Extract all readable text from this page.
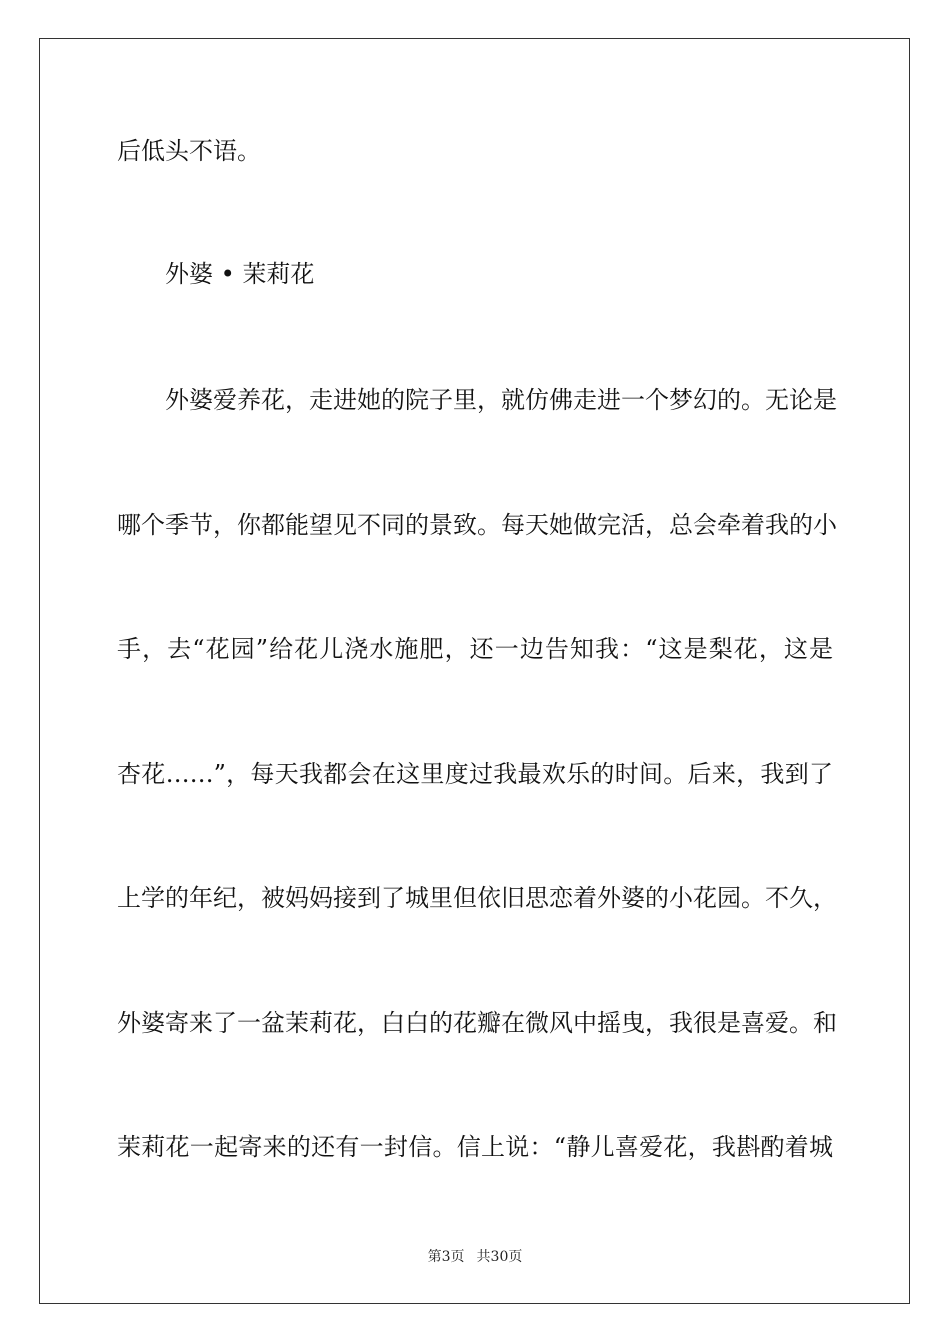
后低头不语。
外婆 • 茉莉花
外婆爱养花，走进她的院子里，就仿佛走进一个梦幻的。无论是
哪个季节，你都能望见不同的景致。每天她做完活，总会牵着我的小
手，去“花园”给花儿浇水施肥，还一边告知我：“这是梨花，这是
杏花……”，每天我都会在这里度过我最欢乐的时间。后来，我到了
上学的年纪，被妈妈接到了城里但依旧思恋着外婆的小花园。不久，
外婆寄来了一盆茉莉花，白白的花瓣在微风中摇曳，我很是喜爱。和
茉莉花一起寄来的还有一封信。信上说：“静儿喜爱花，我斟酌着城
第3页 共30页
